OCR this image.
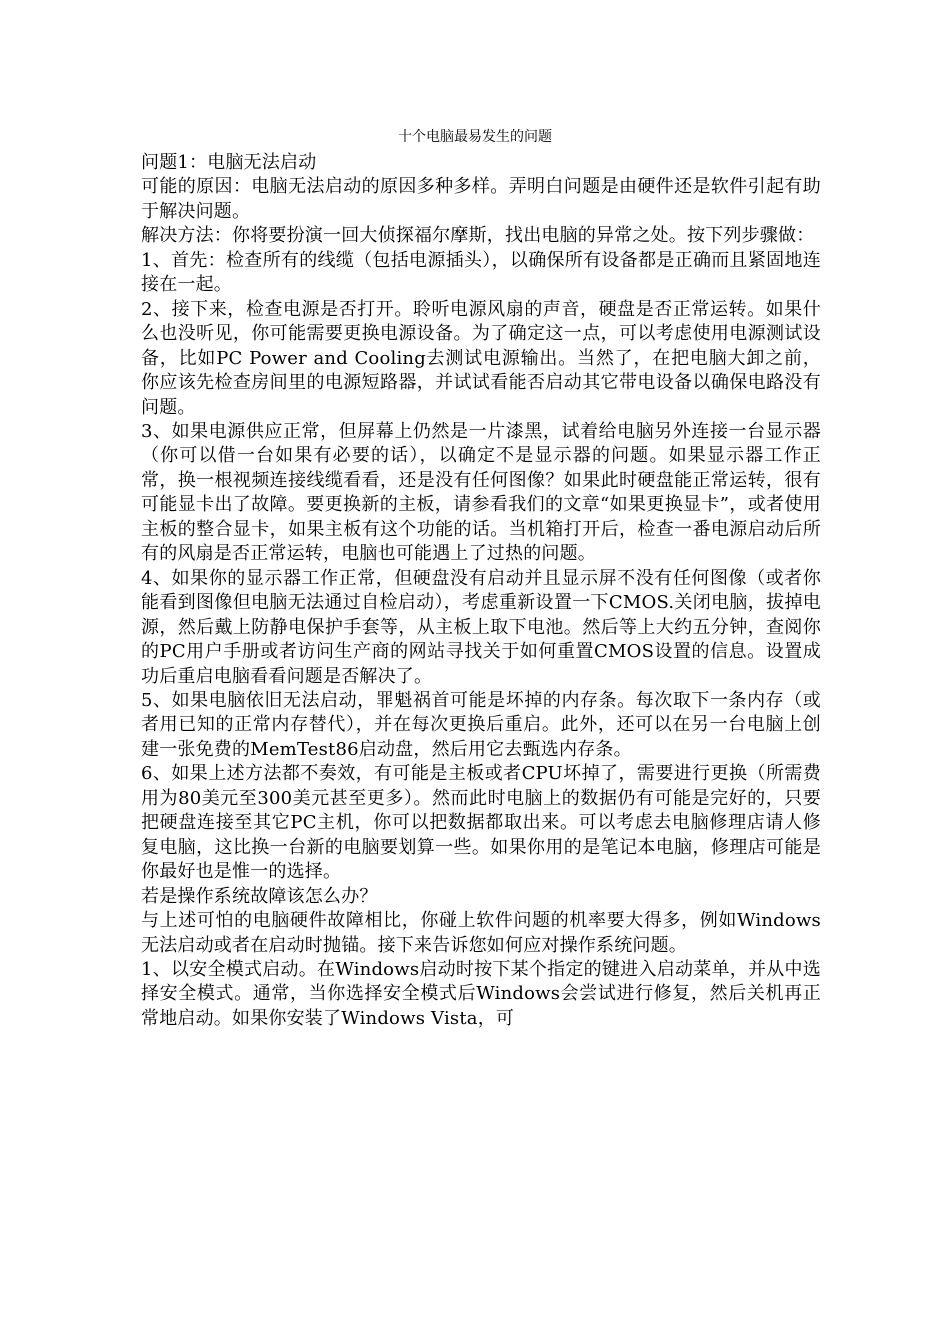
十个电脑最易发生的问题

问题1：电脑无法启动

可能的原因：电脑无法启动的原因多种多样。弄明白问题是由硬件还是软件引起有助于解决问题。

解决方法：你将要扮演一回大侦探福尔摩斯，找出电脑的异常之处。按下列步骤做：

1、首先：检查所有的线缆（包括电源插头），以确保所有设备都是正确而且紧固地连接在一起。

2、接下来，检查电源是否打开。聆听电源风扇的声音，硬盘是否正常运转。如果什么也没听见，你可能需要更换电源设备。为了确定这一点，可以考虑使用电源测试设备，比如PC Power and Cooling去测试电源输出。当然了，在把电脑大卸之前，你应该先检查房间里的电源短路器，并试试看能否启动其它带电设备以确保电路没有问题。

3、如果电源供应正常，但屏幕上仍然是一片漆黑，试着给电脑另外连接一台显示器（你可以借一台如果有必要的话），以确定不是显示器的问题。如果显示器工作正常，换一根视频连接线缆看看，还是没有任何图像？如果此时硬盘能正常运转，很有可能显卡出了故障。要更换新的主板，请参看我们的文章“如果更换显卡”，或者使用主板的整合显卡，如果主板有这个功能的话。当机箱打开后，检查一番电源启动后所有的风扇是否正常运转，电脑也可能遇上了过热的问题。

4、如果你的显示器工作正常，但硬盘没有启动并且显示屏不没有任何图像（或者你能看到图像但电脑无法通过自检启动），考虑重新设置一下CMOS.关闭电脑，拔掉电源，然后戴上防静电保护手套等，从主板上取下电池。然后等上大约五分钟，查阅你的PC用户手册或者访问生产商的网站寻找关于如何重置CMOS设置的信息。设置成功后重启电脑看看问题是否解决了。

5、如果电脑依旧无法启动，罪魁祸首可能是坏掉的内存条。每次取下一条内存（或者用已知的正常内存替代），并在每次更换后重启。此外，还可以在另一台电脑上创建一张免费的MemTest86启动盘，然后用它去甄选内存条。

6、如果上述方法都不奏效，有可能是主板或者CPU坏掉了，需要进行更换（所需费用为80美元至300美元甚至更多）。然而此时电脑上的数据仍有可能是完好的，只要把硬盘连接至其它PC主机，你可以把数据都取出来。可以考虑去电脑修理店请人修复电脑，这比换一台新的电脑要划算一些。如果你用的是笔记本电脑，修理店可能是你最好也是惟一的选择。

若是操作系统故障该怎么办？

与上述可怕的电脑硬件故障相比，你碰上软件问题的机率要大得多，例如Windows无法启动或者在启动时抛锚。接下来告诉您如何应对操作系统问题。

1、以安全模式启动。在Windows启动时按下某个指定的键进入启动菜单，并从中选择安全模式。通常，当你选择安全模式后Windows会尝试进行修复，然后关机再正常地启动。如果你安装了Windows Vista，可
